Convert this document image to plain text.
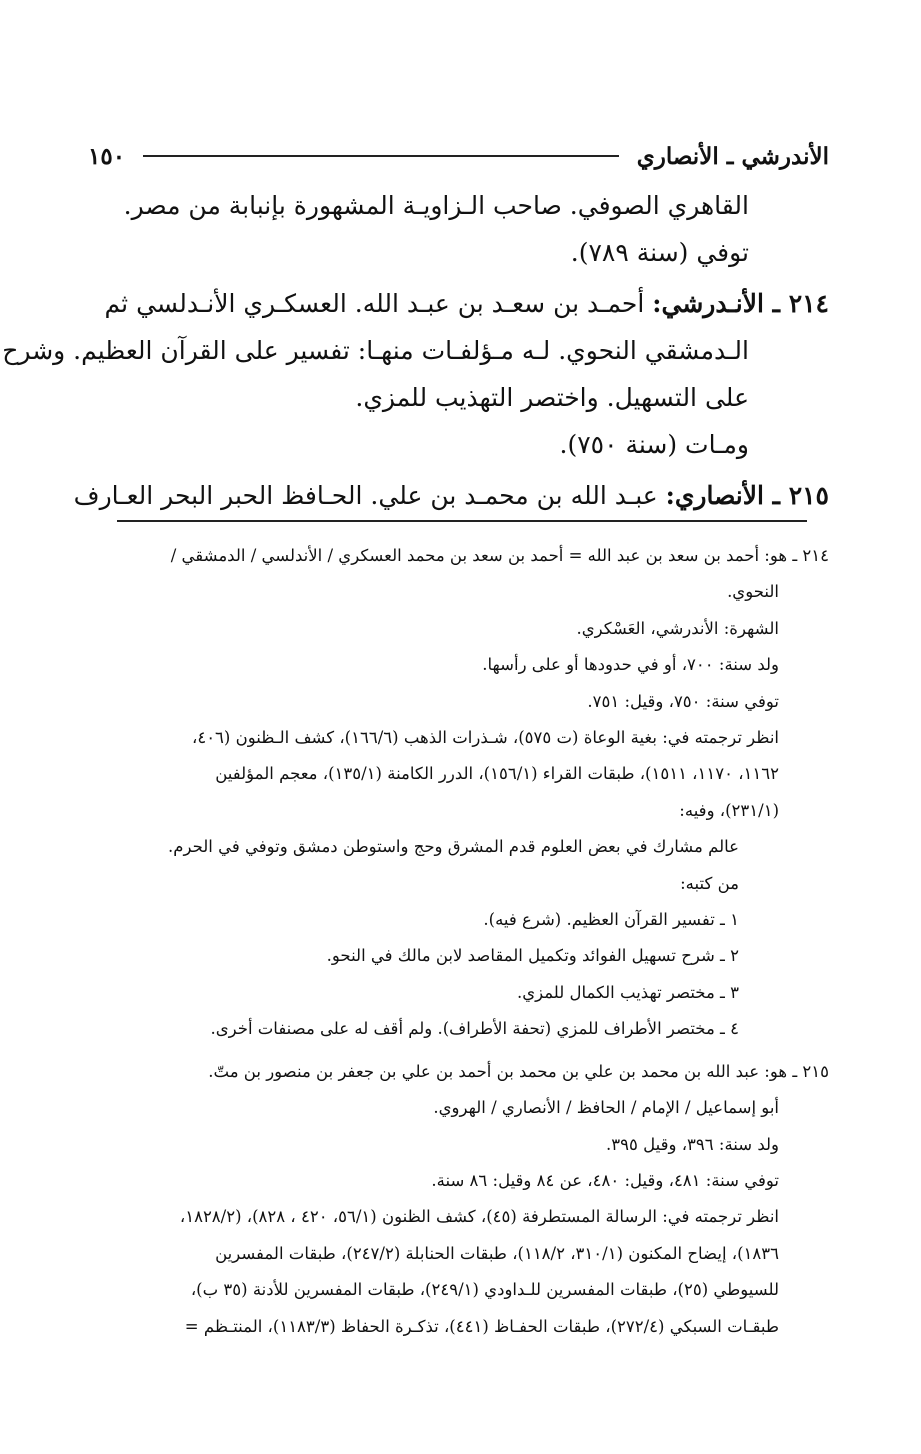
الأندرشي ـ الأنصاري
١٥٠
القاهري الصوفي. صاحب الـزاويـة المشهورة بإنبابة من مصر.
توفي (سنة ٧٨٩).
٢١٤ ـ الأنـدرشي: أحمـد بن سعـد بن عبـد الله. العسكـري الأنـدلسي ثم
الـدمشقي النحوي. لـه مـؤلفـات منهـا: تفسير على القرآن العظيم. وشرح
على التسهيل. واختصر التهذيب للمزي.
ومـات (سنة ٧٥٠).
٢١٥ ـ الأنصاري: عبـد الله بن محمـد بن علي. الحـافظ الحبر البحر العـارف
٢١٤ ـ هو: أحمد بن سعد بن عبد الله = أحمد بن سعد بن محمد العسكري / الأندلسي / الدمشقي /
النحوي.
الشهرة: الأندرشي، العَسْكري.
ولد سنة: ٧٠٠، أو في حدودها أو على رأسها.
توفي سنة: ٧٥٠، وقيل: ٧٥١.
انظر ترجمته في: بغية الوعاة (ت ٥٧٥)، شـذرات الذهب (١٦٦/٦)، كشف الـظنون (٤٠٦،
١١٦٢، ١١٧٠، ١٥١١)، طبقات القراء (١٥٦/١)، الدرر الكامنة (١٣٥/١)، معجم المؤلفين
(٢٣١/١)، وفيه:
عالم مشارك في بعض العلوم قدم المشرق وحج واستوطن دمشق وتوفي في الحرم.
من كتبه:
١ ـ تفسير القرآن العظيم. (شرع فيه).
٢ ـ شرح تسهيل الفوائد وتكميل المقاصد لابن مالك في النحو.
٣ ـ مختصر تهذيب الكمال للمزي.
٤ ـ مختصر الأطراف للمزي (تحفة الأطراف). ولم أقف له على مصنفات أخرى.
٢١٥ ـ هو: عبد الله بن محمد بن علي بن محمد بن أحمد بن علي بن جعفر بن منصور بن متّ.
أبو إسماعيل / الإمام / الحافظ / الأنصاري / الهروي.
ولد سنة: ٣٩٦، وقيل ٣٩٥.
توفي سنة: ٤٨١، وقيل: ٤٨٠، عن ٨٤ وقيل: ٨٦ سنة.
انظر ترجمته في: الرسالة المستطرفة (٤٥)، كشف الظنون (٥٦/١، ٤٢٠ ، ٨٢٨)، (١٨٢٨/٢،
١٨٣٦)، إيضاح المكنون (٣١٠/١، ١١٨/٢)، طبقات الحنابلة (٢٤٧/٢)، طبقات المفسرين
للسيوطي (٢٥)، طبقات المفسرين للـداودي (٢٤٩/١)، طبقات المفسرين للأدنة (٣٥ ب)،
طبقـات السبكي (٢٧٢/٤)، طبقات الحفـاظ (٤٤١)، تذكـرة الحفاظ (١١٨٣/٣)، المنتـظم =
